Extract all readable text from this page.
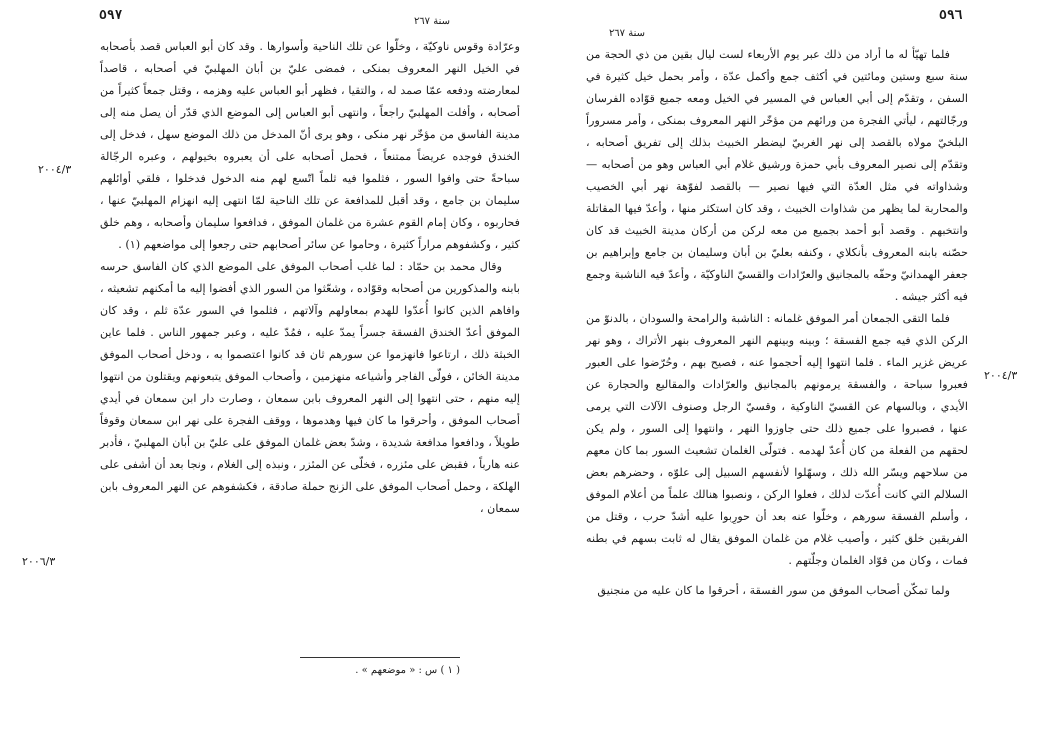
٥٩٧	سنة ٢٦٧
٢٠٠٤/٣
٢٠٠٦/٣

وعرّادة وقوس ناوكيّة ، وخلّوا عن تلك الناحية وأسوارها . وقد كان أبو العباس قصد بأصحابه في الخيل النهر المعروف بمنكى ، فمضى عليّ بن أبان المهلبيّ في أصحابه ، قاصداً لمعارضته ودفعه عمّا صمد له ، والتقيا ، فظهر أبو العباس عليه وهزمه ، وقتل جمعاً كثيراً من أصحابه ، وأفلت المهلبيّ راجعاً ، وانتهى أبو العباس إلى الموضع الذي قدّر أن يصل منه إلى مدينة الفاسق من مؤخّر نهر منكى ، وهو يرى أنّ المدخل من ذلك الموضع سهل ، فدخل إلى الخندق فوجده عريضاً ممتنعاً ، فحمل أصحابه على أن يعبروه بخيولهم ، وعبره الرجّالة سباحةً حتى وافوا السور ، فثلموا فيه ثلماً اتّسع لهم منه الدخول فدخلوا ، فلقي أوائلهم سليمان بن جامع ، وقد أقبل للمدافعة عن تلك الناحية لمّا انتهى إليه انهزام المهلبيّ عنها ، فحاربوه ، وكان إمام القوم عشرة من غلمان الموفق ، فدافعوا سليمان وأصحابه ، وهم خلق كثير ، وكشفوهم مراراً كثيرة ، وحاموا عن سائر أصحابهم حتى رجعوا إلى مواضعهم (١) .

وقال محمد بن حمّاد : لما غلب أصحاب الموفق على الموضع الذي كان الفاسق حرسه بابنه والمذكورين من أصحابه وقوّاده ، وشعّثوا من السور الذي أفضوا إليه ما أمكنهم تشعيثه ، وافاهم الذين كانوا أُعدّوا للهدم بمعاولهم وآلاتهم ، فثلموا في السور عدّة ثلم ، وقد كان الموفق أعدّ الخندق الفسقة جسراً يمدّ عليه ، فمُدّ عليه ، وعبر جمهور الناس . فلما عاين الخبثة ذلك ، ارتاعوا فانهزموا عن سورهم ثان قد كانوا اعتصموا به ، ودخل أصحاب الموفق مدينة الخائن ، فولّى الفاجر وأشياعه منهزمين ، وأصحاب الموفق يتبعونهم ويقتلون من انتهوا إليه منهم ، حتى انتهوا إلى النهر المعروف بابن سمعان ، وصارت دار ابن سمعان في أيدي أصحاب الموفق ، وأحرقوا ما كان فيها وهدموها ، ووقف الفجرة على نهر ابن سمعان وقوفاً طويلاً ، ودافعوا مدافعة شديدة ، وشدّ بعض غلمان الموفق على عليّ بن أبان المهلبيّ ، فأدبر عنه هارباً ، فقبض على مئزره ، فخلّى عن المئزر ، ونبذه إلى الغلام ، ونجا بعد أن أشفى على الهلكة ، وحمل أصحاب الموفق على الزنج حملة صادقة ، فكشفوهم عن النهر المعروف بابن سمعان ،

( ١ ) س : « موضعهم » .
٥٩٦
سنة ٢٦٧
٢٠٠٤/٣

فلما تهيّأ له ما أراد من ذلك عبر يوم الأربعاء لست ليال بقين من ذي الحجة من سنة سبع وستين ومائتين في أكثف جمع وأكمل عدّة ، وأمر بحمل خيل كثيرة في السفن ، وتقدّم إلى أبي العباس في المسير في الخيل ومعه جميع قوّاده الفرسان ورجّالتهم ، ليأتي الفجرة من ورائهم من مؤخّر النهر المعروف بمنكى ، وأمر مسروراً البلخيّ مولاه بالقصد إلى نهر الغربيّ ليضطر الخبيث بذلك إلى تفريق أصحابه ، وتقدّم إلى نصير المعروف بأبي حمزة ورشيق غلام أبي العباس وهو من أصحابه — وشذاواته في مثل العدّة التي فيها نصير — بالقصد لفوّهة نهر أبي الخصيب والمحاربة لما يظهر من شذاوات الخبيث ، وقد كان استكثر منها ، وأعدّ فيها المقاتلة وانتخبهم . وقصد أبو أحمد بجميع من معه لركن من أركان مدينة الخبيث قد كان حصّنه بابنه المعروف بأنكلاي ، وكنفه بعليّ بن أبان وسليمان بن جامع وإبراهيم بن جعفر الهمدانيّ وحفّه بالمجانيق والعرّادات والقسيّ الناوكيّة ، وأعدّ فيه الناشبة وجمع فيه أكثر جيشه .

فلما التقى الجمعان أمر الموفق غلمانه : الناشبة والرامحة والسودان ، بالدنوّ من الركن الذي فيه جمع الفسقة ؛ وبينه وبينهم النهر المعروف بنهر الأتراك ، وهو نهر عريض غزير الماء . فلما انتهوا إليه أحجموا عنه ، فصيح بهم ، وحُرّضوا على العبور فعبروا سباحة ، والفسقة يرمونهم بالمجانيق والعرّادات والمقاليع والحجارة عن الأيدي ، وبالسهام عن القسيّ الناوكية ، وقسيّ الرجل وصنوف الآلات التي يرمى عنها ، فصبروا على جميع ذلك حتى جاوزوا النهر ، وانتهوا إلى السور ، ولم يكن لحقهم من الفعلة من كان أُعدّ لهدمه . فتولّى الغلمان تشعيث السور بما كان معهم من سلاحهم ويسّر الله ذلك ، وسهّلوا لأنفسهم السبيل إلى علوّه ، وحضرهم بعض السلالم التي كانت أُعدّت لذلك ، فعلوا الركن ، ونصبوا هنالك علماً من أعلام الموفق ، وأسلم الفسقة سورهم ، وخلّوا عنه بعد أن حورِبوا عليه أشدّ حرب ، وقتل من الفريقين خلق كثير ، وأصيب غلام من غلمان الموفق يقال له ثابت بسهم في بطنه فمات ، وكان من قوّاد الغلمان وجلّتهم .

ولما تمكّن أصحاب الموفق من سور الفسقة ، أحرقوا ما كان عليه من منجنيق
